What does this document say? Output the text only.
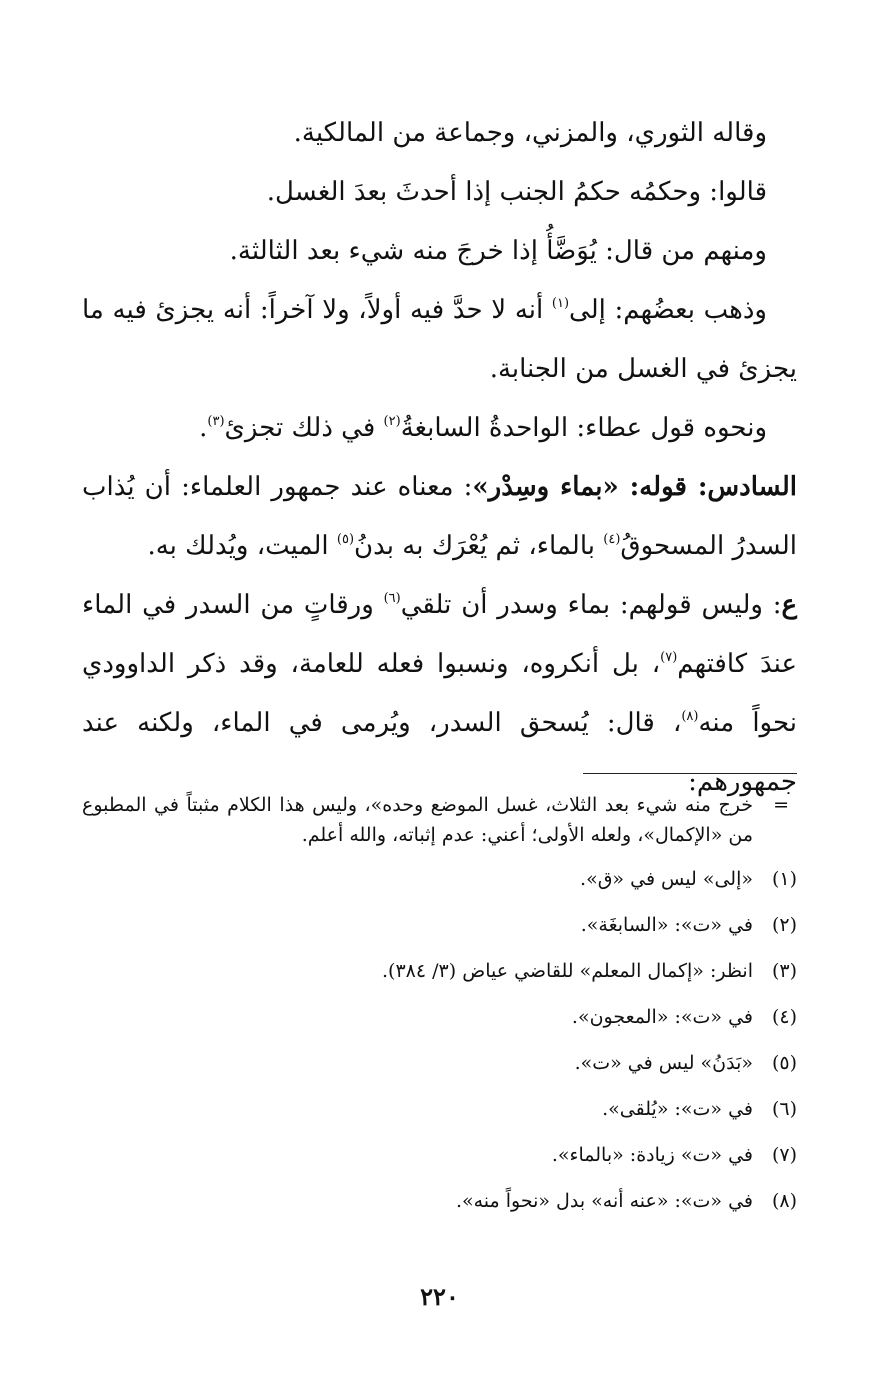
وقاله الثوري، والمزني، وجماعة من المالكية.

قالوا: وحكمُه حكمُ الجنب إذا أحدثَ بعدَ الغسل.

ومنهم من قال: يُوَضَّأُ إذا خرجَ منه شيء بعد الثالثة.

وذهب بعضُهم: إلى$^{(١)}$ أنه لا حدَّ فيه أولاً، ولا آخراً: أنه يجزئ فيه ما يجزئ في الغسل من الجنابة.

ونحوه قول عطاء: الواحدةُ السابغةُ$^{(٢)}$ في ذلك تجزئ$^{(٣)}$.

السادس: قوله: «بماء وسِدْر»: معناه عند جمهور العلماء: أن يُذاب السدرُ المسحوقُ$^{(٤)}$ بالماء، ثم يُعْرَك به بدنُ$^{(٥)}$ الميت، ويُدلك به.

ع: وليس قولهم: بماء وسدر أن تلقي$^{(٦)}$ ورقاتٍ من السدر في الماء عندَ كافتهم$^{(٧)}$، بل أنكروه، ونسبوا فعله للعامة، وقد ذكر الداوودي نحواً منه$^{(٨)}$، قال: يُسحق السدر، ويُرمى في الماء، ولكنه عند جمهورهم:

=
خرج منه شيء بعد الثلاث، غسل الموضع وحده»، وليس هذا الكلام مثبتاً في المطبوع من «الإكمال»، ولعله الأولى؛ أعني: عدم إثباته، والله أعلم.
(١)
«إلى» ليس في «ق».
(٢)
في «ت»: «السابغَة».
(٣)
انظر: «إكمال المعلم» للقاضي عياض (٣/ ٣٨٤).
(٤)
في «ت»: «المعجون».
(٥)
«بَدَنُ» ليس في «ت».
(٦)
في «ت»: «يُلقى».
(٧)
في «ت» زيادة: «بالماء».
(٨)
في «ت»: «عنه أنه» بدل «نحواً منه».
٢٢٠
